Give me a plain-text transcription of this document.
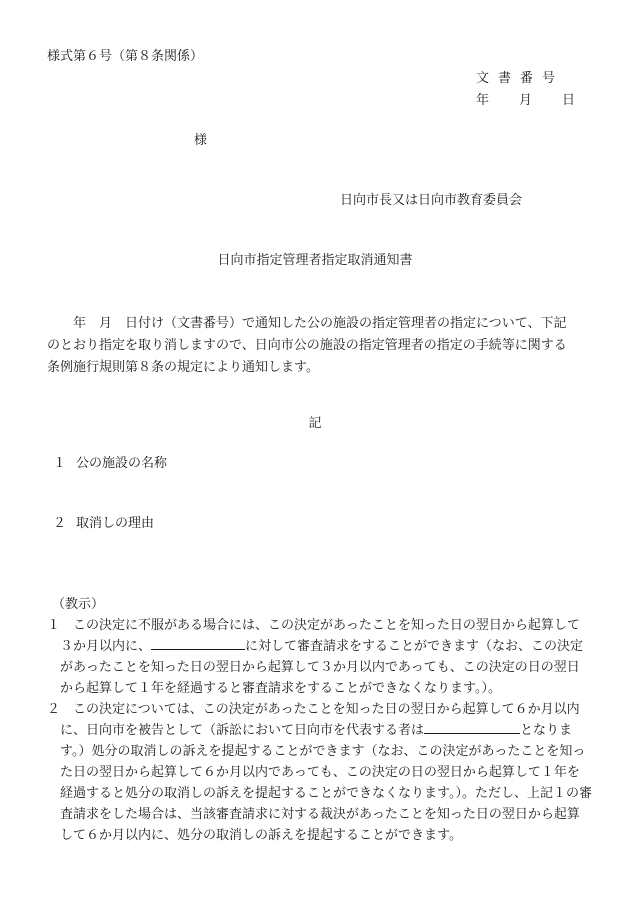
様式第６号（第８条関係）
文書番号
年 月 日
様
日向市長又は日向市教育委員会
日向市指定管理者指定取消通知書

　　年　月　日付け（文書番号）で通知した公の施設の指定管理者の指定について、下記

のとおり指定を取り消しますので、日向市公の施設の指定管理者の指定の手続等に関する

条例施行規則第８条の規定により通知します。

記
１ 公の施設の名称
２ 取消しの理由
（教示）

１　 この決定に不服がある場合には、この決定があったことを知った日の翌日から起算して３か月以内に、	に対して審査請求をすることができます（なお、この決定があったことを知った日の翌日から起算して３か月以内であっても、この決定の日の翌日から起算して１年を経過すると審査請求をすることができなくなります。）。

２　 この決定については、この決定があったことを知った日の翌日から起算して６か月以内に、日向市を被告として（訴訟において日向市を代表する者は	となります。）処分の取消しの訴えを提起することができます（なお、この決定があったことを知った日の翌日から起算して６か月以内であっても、この決定の日の翌日から起算して１年を経過すると処分の取消しの訴えを提起することができなくなります。）。ただし、上記１の審査請求をした場合は、当該審査請求に対する裁決があったことを知った日の翌日から起算して６か月以内に、処分の取消しの訴えを提起することができます。
